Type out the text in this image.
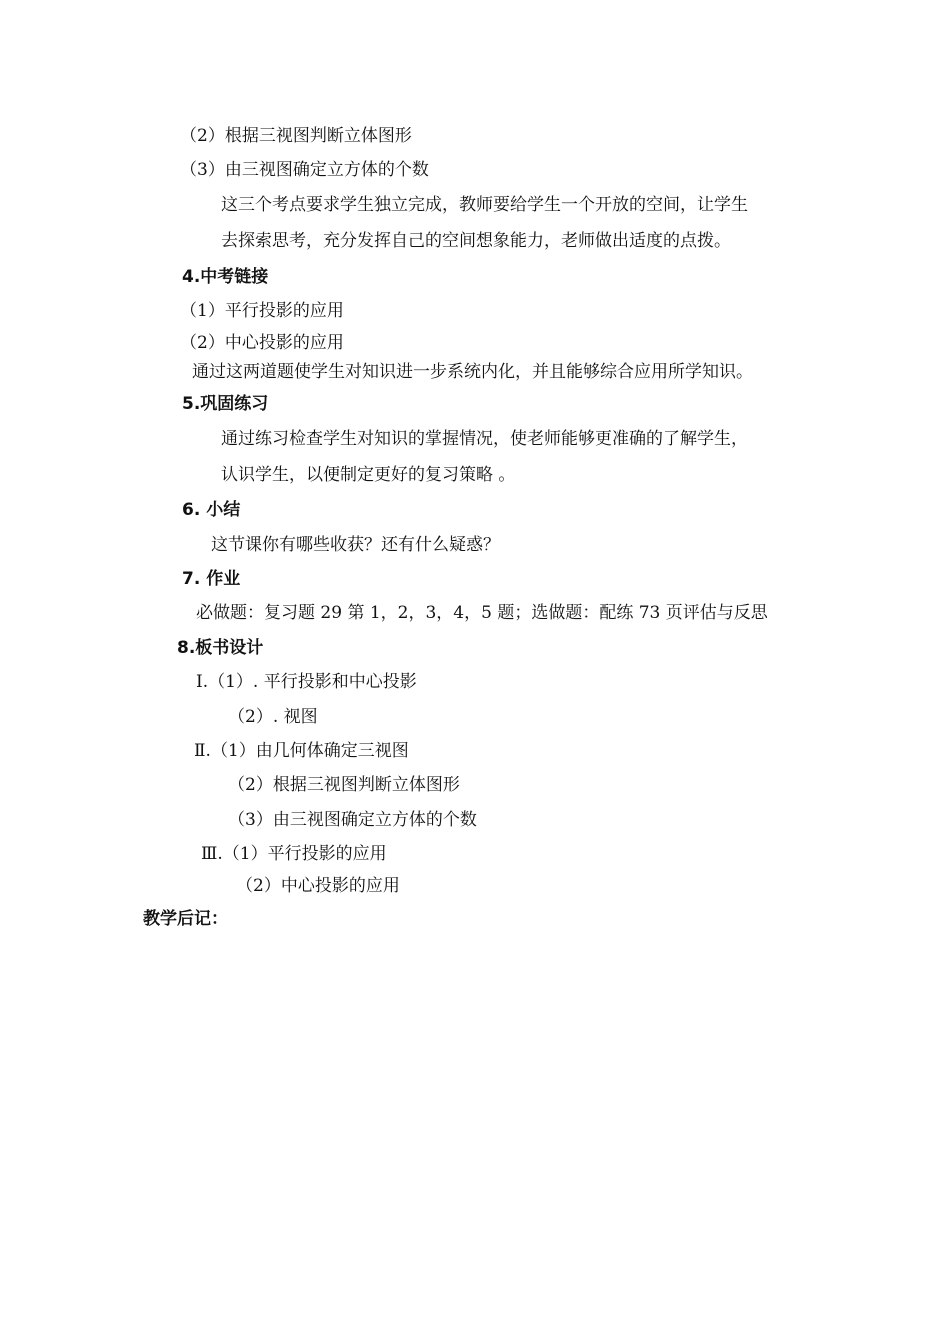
（2）根据三视图判断立体图形
（3）由三视图确定立方体的个数
这三个考点要求学生独立完成，教师要给学生一个开放的空间，让学生
去探索思考，充分发挥自己的空间想象能力，老师做出适度的点拨。
4.中考链接
（1）平行投影的应用
（2）中心投影的应用
通过这两道题使学生对知识进一步系统内化，并且能够综合应用所学知识。
5.巩固练习
通过练习检查学生对知识的掌握情况，使老师能够更准确的了解学生，
认识学生，以便制定更好的复习策略 。
6. 小结
这节课你有哪些收获？还有什么疑惑？
7. 作业
必做题：复习题 29 第 1，2，3，4，5 题；选做题：配练 73 页评估与反思
8.板书设计
Ⅰ.（1）. 平行投影和中心投影
（2）. 视图
Ⅱ.（1）由几何体确定三视图
（2）根据三视图判断立体图形
（3）由三视图确定立方体的个数
Ⅲ.（1）平行投影的应用
（2）中心投影的应用
教学后记：
